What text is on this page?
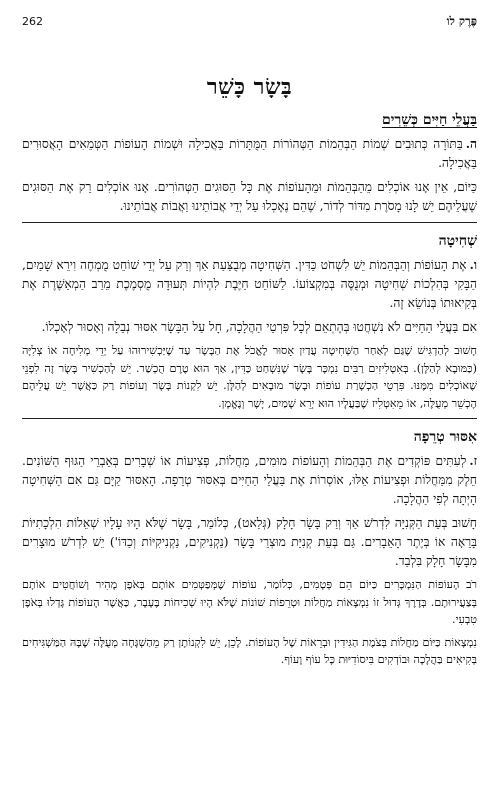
פֶּרֶק לו
262
בָּשָׂר כָּשֵׁר
בַּעֲלֵי חַיִּים כְּשֵׁרִים

ה.בַּתּוֹרָה כְּתוּבִים שְׁמוֹת הַבְּהֵמוֹת הַטְּהוֹרוֹת הַמֻּתָּרוֹת בַּאֲכִילָה וּשְׁמוֹת הָעוֹפוֹת הַטְּמֵאִים הָאֲסוּרִים בַּאֲכִילָה.

כַּיּוֹם, אֵין אָנוּ אוֹכְלִים מֵהַבְּהֵמוֹת וּמֵהָעוֹפוֹת אֶת כָּל הַסּוּגִים הַטְּהוֹרִים. אָנוּ אוֹכְלִים רַק אֶת הַסּוּגִים שֶׁעֲלֵיהֶם יֵשׁ לָנוּ מָסֹרֶת מִדּוֹר לְדוֹר, שֶׁהֵם נֶאֶכְלוּ עַל יְדֵי אֲבוֹתֵינוּ וַאֲבוֹת אֲבוֹתֵינוּ.

שְׁחִיטָה

ו.אֶת הָעוֹפוֹת וְהַבְּהֵמוֹת יֵשׁ לִשְׁחֹט כַּדִּין. הַשְּׁחִיטָה מְבֻצַּעַת אַךְ וְרַק עַל יְדֵי שׁוֹחֵט מֻמְחֶה וִירֵא שָׁמַיִם, הַבָּקִי בְּהִלְכוֹת שְׁחִיטָה וּמְנֻסֶּה בְּמִקְצוֹעוֹ. לַשּׁוֹחֵט חַיֶּבֶת לִהְיוֹת תְּעוּדָה מֻסְמֶכֶת מֵרַב הַמְאַשֶּׁרֶת אֶת בְּקִיאוּתוֹ בְּנוֹשֵׂא זֶה.

אִם בַּעֲלֵי הַחַיִּים לֹא נִשְׁחֲטוּ בְּהֶתְאֵם לְכָל פִּרְטֵי הַהֲלָכָה, חָל עַל הַבָּשָׂר אִסּוּר נְבֵלָה וְאָסוּר לְאָכְלוֹ.

חָשׁוּב לְהַדְגִּישׁ שֶׁגַּם לְאַחַר הַשְּׁחִיטָה עֲדַיִן אָסוּר לֶאֱכֹל אֶת הַבָּשָׂר עַד שֶׁיַּכְשִׁירוּהוּ עַל יְדֵי מְלִיחָה אוֹ צְלִיָּה (כַּמּוּבָא לְהַלָּן). בְּאִטְלִיזִים רַבִּים נִמְכָּר בָּשָׂר שֶׁנִּשְׁחַט כַּדִּין, אַךְ הוּא טֶרֶם הֻכְשַׁר. יֵשׁ לְהַכְשִׁיר בָּשָׂר זֶה לִפְנֵי שֶׁאוֹכְלִים מִמֶּנּוּ. פִּרְטֵי הַכְשָׁרַת עוֹפוֹת וּבָשָׂר מוּבָאִים לְהַלָּן. יֵשׁ לִקְנוֹת בָּשָׂר וְעוֹפוֹת רַק כַּאֲשֶׁר יֵשׁ עֲלֵיהֶם הֶכְשֵׁר מְעֻלֶּה, אוֹ מֵאִטְלִיז שֶׁבַּעֲלָיו הוּא יְרֵא שָׁמַיִם, יָשָׁר וְנֶאֱמָן.

אִסּוּר טְרֵפָה

ז.לְעִתִּים פּוֹקְדִים אֶת הַבְּהֵמוֹת וְהָעוֹפוֹת מוּמִים, מַחֲלוֹת, פְּצִיעוֹת אוֹ שְׁבָרִים בְּאֵבְרֵי הַגּוּף הַשּׁוֹנִים. חֵלֶק מִמַּחֲלוֹת וּפְצִיעוֹת אֵלּוּ, אוֹסְרוֹת אֶת בַּעֲלֵי הַחַיִּים בְּאִסּוּר טְרֵפָה. הָאִסּוּר קַיָּם גַּם אִם הַשְּׁחִיטָה הָיְתָה לְפִי הַהֲלָכָה.

חָשׁוּב בְּעֵת הַקְּנִיָּה לִדְרֹשׁ אַךְ וְרַק בָּשָׂר חָלָק (גְּלַאט), כְּלוֹמַר, בָּשָׂר שֶׁלֹּא הָיוּ עָלָיו שְׁאֵלוֹת הִלְכָתִיּוֹת בָּרֵאָה אוֹ בְּיֶתֶר הָאֵבָרִים. גַּם בְּעֵת קְנִיַּת מוּצְרֵי בָּשָׂר (נַקְנִיקִים, נַקְנִיקִיּוֹת וְכַדּוֹ') יֵשׁ לִדְרֹשׁ מוּצָרִים מִבָּשָׂר חָלָק בִּלְבַד.

רֹב הָעוֹפוֹת הַנִּמְכָּרִים כַּיּוֹם הֵם פְּטָמִים, כְּלוֹמַר, עוֹפוֹת שֶׁמְּפַטְּמִים אוֹתָם בְּאֹפֶן מָהִיר וְשׁוֹחֲטִים אוֹתָם בְּצַעֲירוּתָם. בְּדֶרֶךְ גְּדוּל זוֹ נִמְצָאוֹת מַחֲלוֹת וּטְרֵפוֹת שׁוֹנוֹת שֶׁלֹּא הָיוּ שְׁכִיחוֹת בֶּעָבָר, כַּאֲשֶׁר הָעוֹפוֹת גָּדְלוּ בְּאֹפֶן טִבְעִי.

נִמְצָאוֹת כַּיּוֹם מַחֲלוֹת בְּצֹמֶת הַגִּידִין וּבְרֵאוֹת שֶׁל הָעוֹפוֹת. לָכֵן, יֵשׁ לִקְנוֹתָן רַק מֵהַשְׁגָּחָה מְעֻלָּה שֶׁבָּהּ הַמַּשְׁגִּיחִים בְּקִיאִים בַּהֲלָכָה וּבוֹדְקִים בִּיסוֹדִיּוּת כָּל עוֹף וָעוֹף.
